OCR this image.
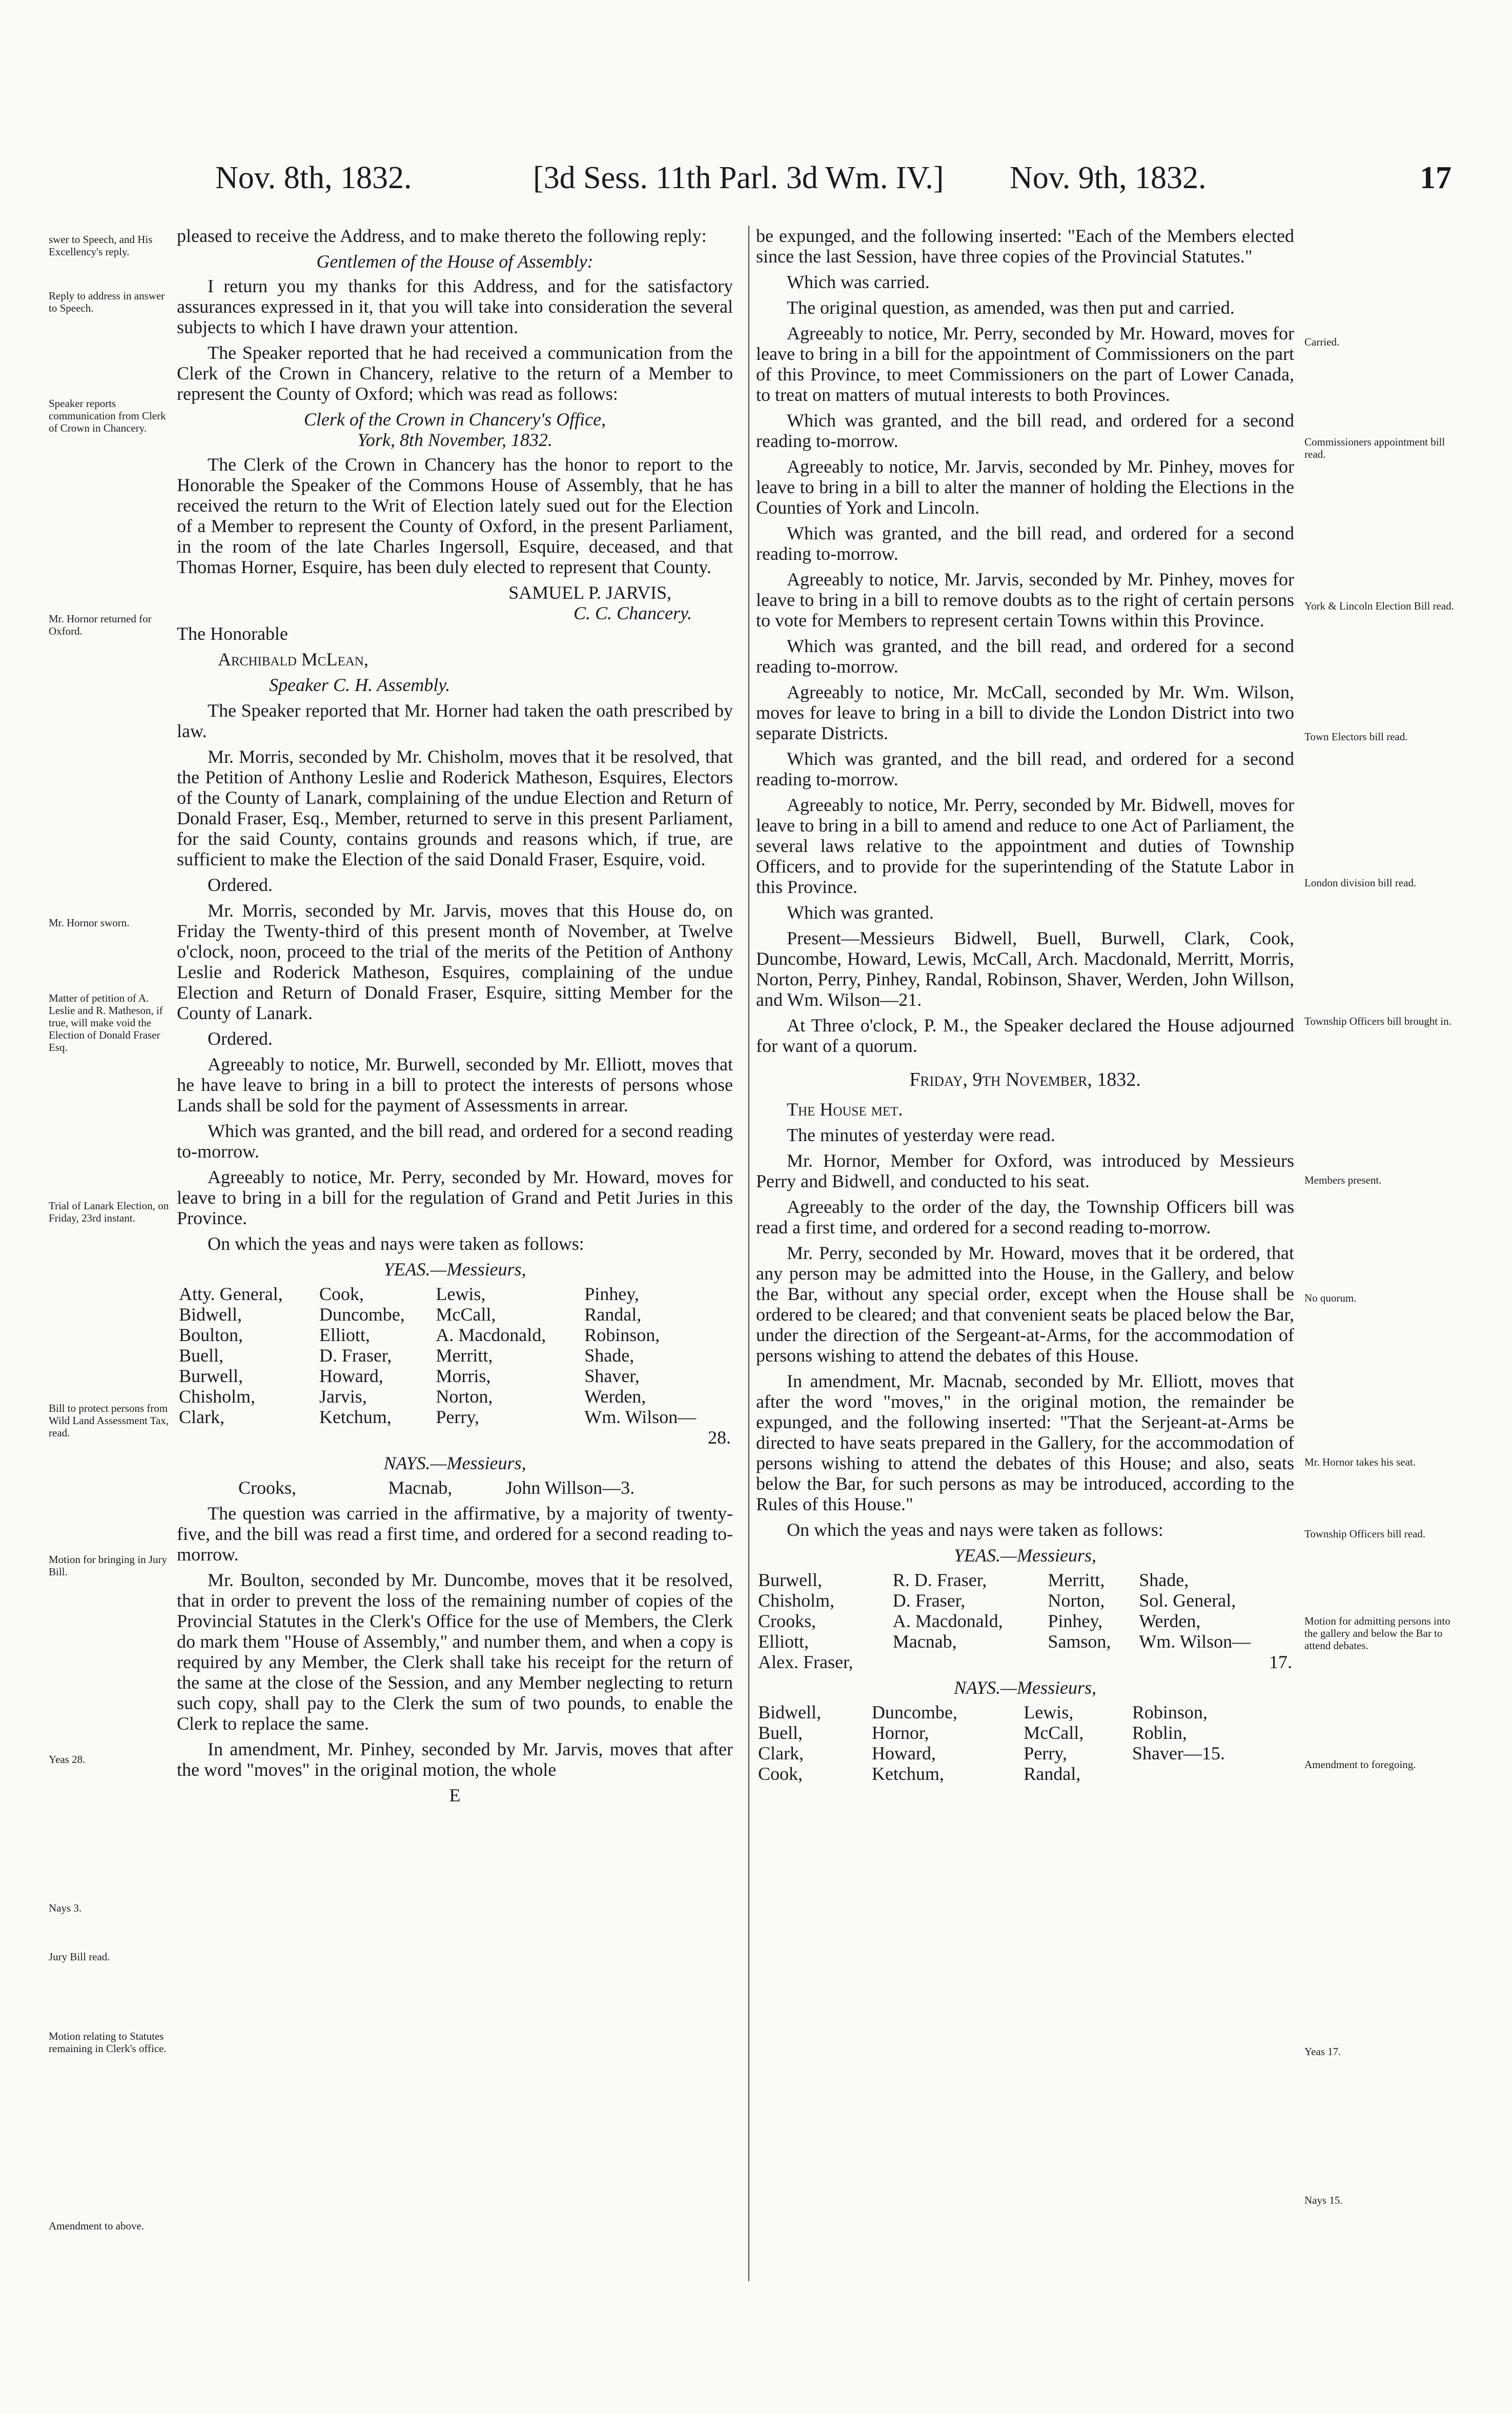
Nov. 8th, 1832.	[3d Sess. 11th Parl. 3d Wm. IV.] Nov. 9th, 1832.	17
swer to Speech, and His Excellency's reply.
Reply to address in answer to Speech.
Speaker reports communication from Clerk of Crown in Chancery.
Mr. Hornor returned for Oxford.
Mr. Hornor sworn.
Matter of petition of A. Leslie and R. Matheson, if true, will make void the Election of Donald Fraser Esq.
Trial of Lanark Election, on Friday, 23rd instant.
Bill to protect persons from Wild Land Assessment Tax, read.
Motion for bringing in Jury Bill.
Yeas 28.
Nays 3.
Jury Bill read.
Motion relating to Statutes remaining in Clerk's office.
Amendment to above.
Carried.
Commissioners appointment bill read.
York & Lincoln Election Bill read.
Town Electors bill read.
London division bill read.
Township Officers bill brought in.
Members present.
No quorum.
Mr. Hornor takes his seat.
Township Officers bill read.
Motion for admitting persons into the gallery and below the Bar to attend debates.
Amendment to foregoing.
Yeas 17.
Nays 15.

pleased to receive the Address, and to make thereto the following reply:

Gentlemen of the House of Assembly:

I return you my thanks for this Address, and for the satisfactory assurances expressed in it, that you will take into consideration the several subjects to which I have drawn your attention.

The Speaker reported that he had received a communication from the Clerk of the Crown in Chancery, relative to the return of a Member to represent the County of Oxford; which was read as follows:

Clerk of the Crown in Chancery's Office,

York, 8th November, 1832.

The Clerk of the Crown in Chancery has the honor to report to the Honorable the Speaker of the Commons House of Assembly, that he has received the return to the Writ of Election lately sued out for the Election of a Member to represent the County of Oxford, in the present Parliament, in the room of the late Charles Ingersoll, Esquire, deceased, and that Thomas Horner, Esquire, has been duly elected to represent that County.

SAMUEL P. JARVIS,

C. C. Chancery.

The Honorable

Archibald McLean,

Speaker C. H. Assembly.

The Speaker reported that Mr. Horner had taken the oath prescribed by law.

Mr. Morris, seconded by Mr. Chisholm, moves that it be resolved, that the Petition of Anthony Leslie and Roderick Matheson, Esquires, Electors of the County of Lanark, complaining of the undue Election and Return of Donald Fraser, Esq., Member, returned to serve in this present Parliament, for the said County, contains grounds and reasons which, if true, are sufficient to make the Election of the said Donald Fraser, Esquire, void.

Ordered.

Mr. Morris, seconded by Mr. Jarvis, moves that this House do, on Friday the Twenty-third of this present month of November, at Twelve o'clock, noon, proceed to the trial of the merits of the Petition of Anthony Leslie and Roderick Matheson, Esquires, complaining of the undue Election and Return of Donald Fraser, Esquire, sitting Member for the County of Lanark.

Ordered.

Agreeably to notice, Mr. Burwell, seconded by Mr. Elliott, moves that he have leave to bring in a bill to protect the interests of persons whose Lands shall be sold for the payment of Assessments in arrear.

Which was granted, and the bill read, and ordered for a second reading to-morrow.

Agreeably to notice, Mr. Perry, seconded by Mr. Howard, moves for leave to bring in a bill for the regulation of Grand and Petit Juries in this Province.

On which the yeas and nays were taken as follows:

YEAS.—Messieurs,

Atty. General,	Cook,	Lewis,	Pinhey,
Bidwell,	Duncombe,	McCall,	Randal,
Boulton,	Elliott,	A. Macdonald,	Robinson,
Buell,	D. Fraser,	Merritt,	Shade,
Burwell,	Howard,	Morris,	Shaver,
Chisholm,	Jarvis,	Norton,	Werden,
Clark,	Ketchum,	Perry,	Wm. Wilson—
			28.

NAYS.—Messieurs,

Crooks,	Macnab,	John Willson—3.

The question was carried in the affirmative, by a majority of twenty-five, and the bill was read a first time, and ordered for a second reading to-morrow.

Mr. Boulton, seconded by Mr. Duncombe, moves that it be resolved, that in order to prevent the loss of the remaining number of copies of the Provincial Statutes in the Clerk's Office for the use of Members, the Clerk do mark them "House of Assembly," and number them, and when a copy is required by any Member, the Clerk shall take his receipt for the return of the same at the close of the Session, and any Member neglecting to return such copy, shall pay to the Clerk the sum of two pounds, to enable the Clerk to replace the same.

In amendment, Mr. Pinhey, seconded by Mr. Jarvis, moves that after the word "moves" in the original motion, the whole

E

be expunged, and the following inserted: "Each of the Members elected since the last Session, have three copies of the Provincial Statutes."

Which was carried.

The original question, as amended, was then put and carried.

Agreeably to notice, Mr. Perry, seconded by Mr. Howard, moves for leave to bring in a bill for the appointment of Commissioners on the part of this Province, to meet Commissioners on the part of Lower Canada, to treat on matters of mutual interests to both Provinces.

Which was granted, and the bill read, and ordered for a second reading to-morrow.

Agreeably to notice, Mr. Jarvis, seconded by Mr. Pinhey, moves for leave to bring in a bill to alter the manner of holding the Elections in the Counties of York and Lincoln.

Which was granted, and the bill read, and ordered for a second reading to-morrow.

Agreeably to notice, Mr. Jarvis, seconded by Mr. Pinhey, moves for leave to bring in a bill to remove doubts as to the right of certain persons to vote for Members to represent certain Towns within this Province.

Which was granted, and the bill read, and ordered for a second reading to-morrow.

Agreeably to notice, Mr. McCall, seconded by Mr. Wm. Wilson, moves for leave to bring in a bill to divide the London District into two separate Districts.

Which was granted, and the bill read, and ordered for a second reading to-morrow.

Agreeably to notice, Mr. Perry, seconded by Mr. Bidwell, moves for leave to bring in a bill to amend and reduce to one Act of Parliament, the several laws relative to the appointment and duties of Township Officers, and to provide for the superintending of the Statute Labor in this Province.

Which was granted.

Present—Messieurs Bidwell, Buell, Burwell, Clark, Cook, Duncombe, Howard, Lewis, McCall, Arch. Macdonald, Merritt, Morris, Norton, Perry, Pinhey, Randal, Robinson, Shaver, Werden, John Willson, and Wm. Wilson—21.

At Three o'clock, P. M., the Speaker declared the House adjourned for want of a quorum.

Friday, 9th November, 1832.

The House met.

The minutes of yesterday were read.

Mr. Hornor, Member for Oxford, was introduced by Messieurs Perry and Bidwell, and conducted to his seat.

Agreeably to the order of the day, the Township Officers bill was read a first time, and ordered for a second reading to-morrow.

Mr. Perry, seconded by Mr. Howard, moves that it be ordered, that any person may be admitted into the House, in the Gallery, and below the Bar, without any special order, except when the House shall be ordered to be cleared; and that convenient seats be placed below the Bar, under the direction of the Sergeant-at-Arms, for the accommodation of persons wishing to attend the debates of this House.

In amendment, Mr. Macnab, seconded by Mr. Elliott, moves that after the word "moves," in the original motion, the remainder be expunged, and the following inserted: "That the Serjeant-at-Arms be directed to have seats prepared in the Gallery, for the accommodation of persons wishing to attend the debates of this House; and also, seats below the Bar, for such persons as may be introduced, according to the Rules of this House."

On which the yeas and nays were taken as follows:

YEAS.—Messieurs,

Burwell,	R. D. Fraser,	Merritt,	Shade,
Chisholm,	D. Fraser,	Norton,	Sol. General,
Crooks,	A. Macdonald,	Pinhey,	Werden,
Elliott,	Macnab,	Samson,	Wm. Wilson—
Alex. Fraser,			17.

NAYS.—Messieurs,

Bidwell,	Duncombe,	Lewis,	Robinson,
Buell,	Hornor,	McCall,	Roblin,
Clark,	Howard,	Perry,	Shaver—15.
Cook,	Ketchum,	Randal,	
